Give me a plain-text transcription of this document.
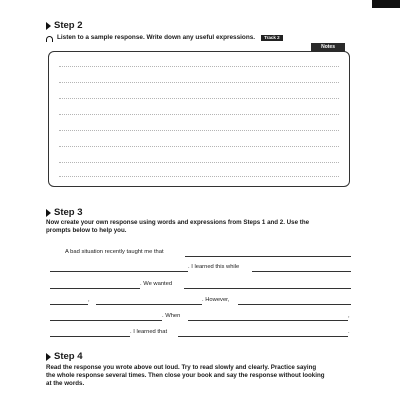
Step 2
Listen to a sample response. Write down any useful expressions.	Track 2
Notes
Step 3
Now create your own response using words and expressions from Steps 1 and 2. Use the
prompts below to help you.
A bad situation recently taught me that
. I learned this while
. We wanted
,	. However,
. When	,
. I learned that	.
Step 4
Read the response you wrote above out loud. Try to read slowly and clearly. Practice saying
the whole response several times. Then close your book and say the response without looking
at the words.
